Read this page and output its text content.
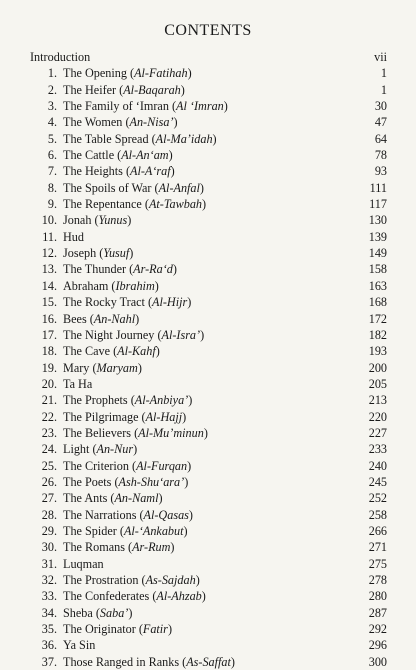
CONTENTS
Introduction	vii
1. The Opening (Al-Fatihah)	1
2. The Heifer (Al-Baqarah)	1
3. The Family of ‘Imran (Al ‘Imran)	30
4. The Women (An-Nisa’)	47
5. The Table Spread (Al-Ma’idah)	64
6. The Cattle (Al-An‘am)	78
7. The Heights (Al-A‘raf)	93
8. The Spoils of War (Al-Anfal)	111
9. The Repentance (At-Tawbah)	117
10. Jonah (Yunus)	130
11. Hud	139
12. Joseph (Yusuf)	149
13. The Thunder (Ar-Ra‘d)	158
14. Abraham (Ibrahim)	163
15. The Rocky Tract (Al-Hijr)	168
16. Bees (An-Nahl)	172
17. The Night Journey (Al-Isra’)	182
18. The Cave (Al-Kahf)	193
19. Mary (Maryam)	200
20. Ta Ha	205
21. The Prophets (Al-Anbiya’)	213
22. The Pilgrimage (Al-Hajj)	220
23. The Believers (Al-Mu’minun)	227
24. Light (An-Nur)	233
25. The Criterion (Al-Furqan)	240
26. The Poets (Ash-Shu‘ara’)	245
27. The Ants (An-Naml)	252
28. The Narrations (Al-Qasas)	258
29. The Spider (Al-‘Ankabut)	266
30. The Romans (Ar-Rum)	271
31. Luqman	275
32. The Prostration (As-Sajdah)	278
33. The Confederates (Al-Ahzab)	280
34. Sheba (Saba’)	287
35. The Originator (Fatir)	292
36. Ya Sin	296
37. Those Ranged in Ranks (As-Saffat)	300
